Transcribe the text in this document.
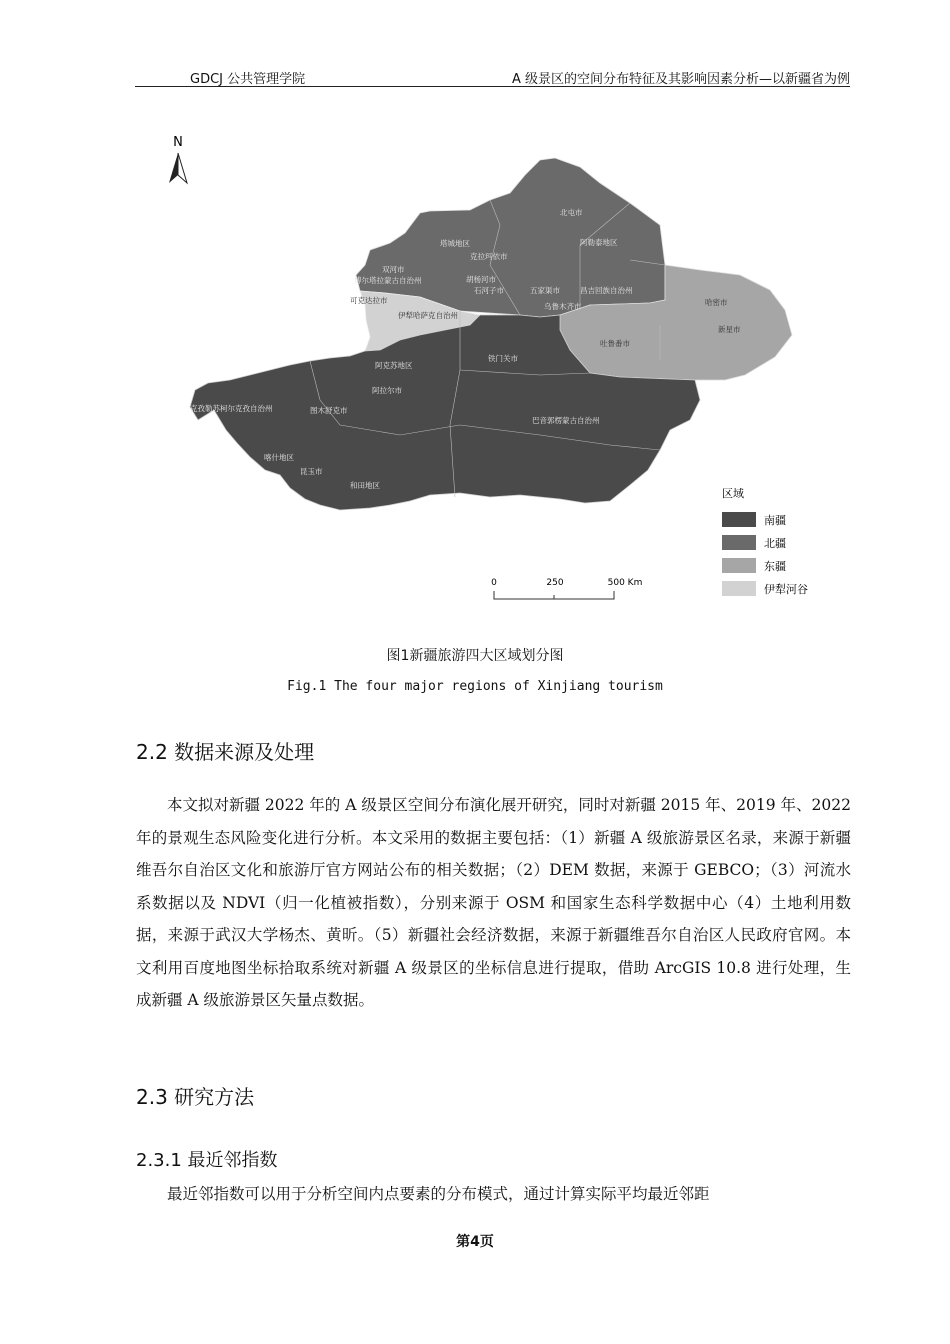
GDCJ 公共管理学院	A 级景区的空间分布特征及其影响因素分析—以新疆省为例
N
北屯市
塔城地区	阿勒泰地区
克拉玛依市
双河市
博尔塔拉蒙古自治州	胡杨河市
石河子市	五家渠市	昌吉回族自治州
可克达拉市
乌鲁木齐市
伊犁哈萨克自治州
哈密市
新星市
吐鲁番市
阿克苏地区
铁门关市
阿拉尔市
克孜勒苏柯尔克孜自治州	图木舒克市
巴音郭楞蒙古自治州
喀什地区
昆玉市
和田地区
0	250	500 Km
区域
南疆
北疆
东疆
伊犁河谷
图1新疆旅游四大区域划分图
Fig.1 The four major regions of Xinjiang tourism
2.2 数据来源及处理

本文拟对新疆 2022 年的 A 级景区空间分布演化展开研究，同时对新疆 2015 年、2019 年、2022 年的景观生态风险变化进行分析。本文采用的数据主要包括：（1）新疆 A 级旅游景区名录，来源于新疆维吾尔自治区文化和旅游厅官方网站公布的相关数据；（2）DEM 数据，来源于 GEBCO；（3）河流水系数据以及 NDVI（归一化植被指数），分别来源于 OSM 和国家生态科学数据中心（4）土地利用数据，来源于武汉大学杨杰、黄昕。（5）新疆社会经济数据，来源于新疆维吾尔自治区人民政府官网。本文利用百度地图坐标拾取系统对新疆 A 级景区的坐标信息进行提取，借助 ArcGIS 10.8 进行处理，生成新疆 A 级旅游景区矢量点数据。

2.3 研究方法
2.3.1 最近邻指数

最近邻指数可以用于分析空间内点要素的分布模式，通过计算实际平均最近邻距

第4页
